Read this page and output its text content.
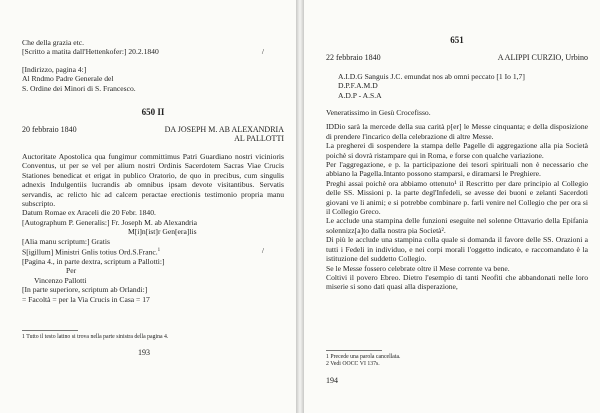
Che della grazia etc.

[Scritto a matita dall'Hettenkofer:] 20.2.1840	/

[Indirizzo, pagina 4:]

Al Rndmo Padre Generale del

S. Ordine dei Minori di S. Francesco.

650 II

20 febbraio 1840	DA JOSEPH M. AB ALEXANDRIA

AL PALLOTTI

Auctoritate Apostolica qua fungimur committimus Patri Guardiano nostri vicinioris Conventus, ut per se vel per alium nostri Ordinis Sacerdotem Sacras Viae Crucis Stationes benedicat et erigat in publico Oratorio, de quo in precibus, cum singulis adnexis Indulgentiis lucrandis ab omnibus ipsam devote visitantibus. Servatis servandis, ac relicto hic ad calcem peractae erectionis testimonio propria manu subscripto.

Datum Romae ex Araceli die 20 Febr. 1840.

[Autographum P. Generalis:] Fr. Joseph M. ab Alexandria

M[i]n[ist]r Gen[era]lis

[Alia manu scriptum:] Gratis

S[igillum] Ministri Gnlis totius Ord.S.Franc.$^1$	/

[Pagina 4., in parte dextra, scriptum a Pallotti:]

Per

Vincenzo Pallotti

[In parte superiore, scriptum ab Orlandi:]

= Facoltà = per la Via Crucis in Casa = 17

1 Tutto il testo latino si trova nella parte sinistra della pagina 4.

193

651

22 febbraio 1840	A ALIPPI CURZIO, Urbino

A.I.D.G Sanguis J.C. emundat nos ab omni peccato [1 Io 1,7]

D.P.F.A.M.D

A.D.P - A.S.A

Veneratissimo in Gesù Crocefisso.

IDDio sarà la mercede della sua carità p[er] le Messe cinquanta; e della disposizione di prendere l'incarico della celebrazione di altre Messe.

La pregherei di sospendere la stampa delle Pagelle di aggregazione alla pia Società poichè si dovrà ristampare qui in Roma, e forse con qualche variazione.

Per l'aggregazione, e p. la participazione dei tesori spirituali non è necessario che abbiano la Pagella.Intanto possono stamparsi, e diramarsi le Preghiere.

Preghi assai poichè ora abbiamo ottenuto¹ il Rescritto per dare principio al Collegio delle SS. Missioni p. la parte degl'Infedeli, se avesse dei buoni e zelanti Sacerdoti giovani ve li animi; e si potrebbe combinare p. farli venire nel Collegio che per ora si il Collegio Greco.

Le acclude una stampina delle funzioni eseguite nel solenne Ottavario della Epifania solennizz[a]to dalla nostra pia Società².

Di più le acclude una stampina colla quale si domanda il favore delle SS. Orazioni a tutti i Fedeli in individuo, e nei corpi morali l'oggetto indicato, e raccomandato è la istituzione del suddetto Collegio.

Se le Messe fossero celebrate oltre il Mese corrente va bene.

Coltivi il povero Ebreo. Dietro l'esempio di tanti Neofiti che abbandonati nelle loro miserie si sono dati quasi alla disperazione,

1 Precede una parola cancellata.

2 Vedi OOCC VI 137s.

194
